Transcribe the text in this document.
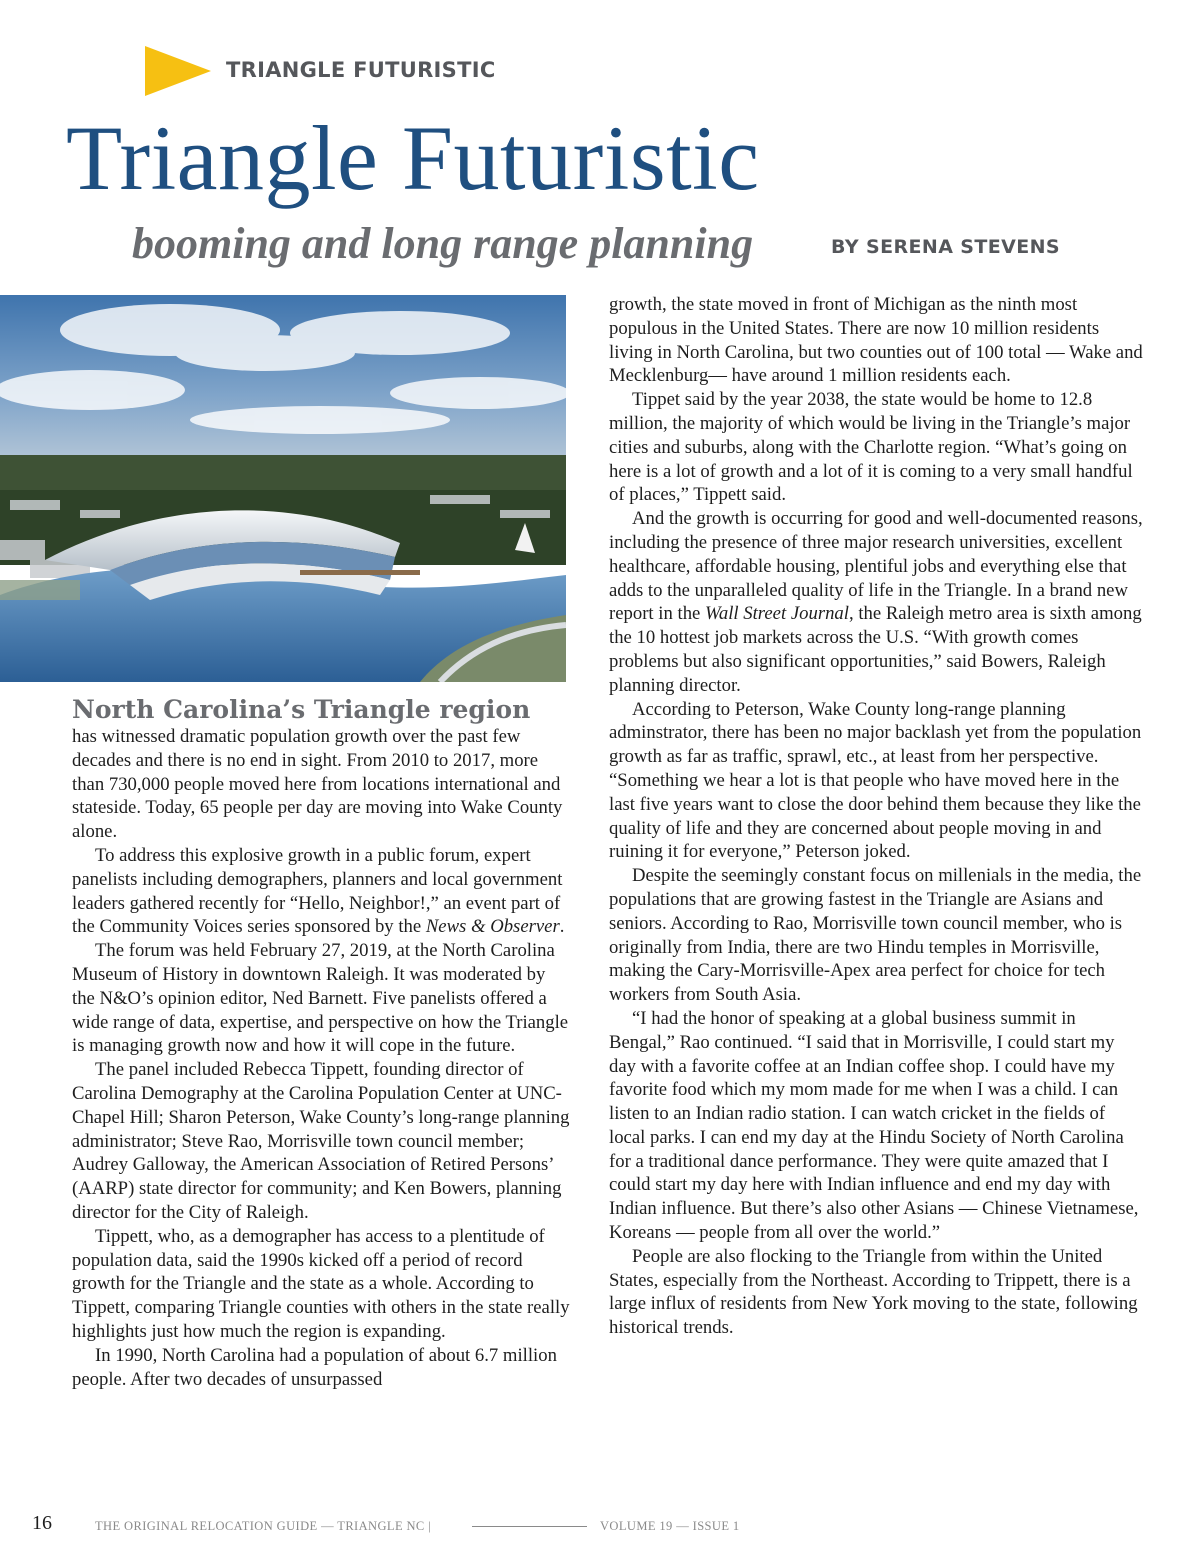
TRIANGLE FUTURISTIC
Triangle Futuristic
booming and long range planning	BY SERENA STEVENS

North Carolina’s Triangle region

has witnessed dramatic population growth over the past few decades and there is no end in sight. From 2010 to 2017, more than 730,000 people moved here from locations international and stateside. Today, 65 people per day are moving into Wake County alone.

To address this explosive growth in a public forum, expert panelists including demographers, planners and local government leaders gathered recently for “Hello, Neighbor!,” an event part of the Community Voices series sponsored by the News & Observer.

The forum was held February 27, 2019, at the North Carolina Museum of History in downtown Raleigh. It was moderated by the N&O’s opinion editor, Ned Barnett. Five panelists offered a wide range of data, expertise, and perspective on how the Triangle is managing growth now and how it will cope in the future.

The panel included Rebecca Tippett, founding director of Carolina Demography at the Carolina Population Center at UNC-Chapel Hill; Sharon Peterson, Wake County’s long-range planning administrator; Steve Rao, Morrisville town council member; Audrey Galloway, the American Association of Retired Persons’ (AARP) state director for community; and Ken Bowers, planning director for the City of Raleigh.

Tippett, who, as a demographer has access to a plentitude of population data, said the 1990s kicked off a period of record growth for the Triangle and the state as a whole. According to Tippett, comparing Triangle counties with others in the state really highlights just how much the region is expanding.

In 1990, North Carolina had a population of about 6.7 million people. After two decades of unsurpassed

growth, the state moved in front of Michigan as the ninth most populous in the United States. There are now 10 million residents living in North Carolina, but two counties out of 100 total — Wake and Mecklenburg— have around 1 million residents each.

Tippet said by the year 2038, the state would be home to 12.8 million, the majority of which would be living in the Triangle’s major cities and suburbs, along with the Charlotte region. “What’s going on here is a lot of growth and a lot of it is coming to a very small handful of places,” Tippett said.

And the growth is occurring for good and well-documented reasons, including the presence of three major research universities, excellent healthcare, affordable housing, plentiful jobs and everything else that adds to the unparalleled quality of life in the Triangle. In a brand new report in the Wall Street Journal, the Raleigh metro area is sixth among the 10 hottest job markets across the U.S. “With growth comes problems but also significant opportunities,” said Bowers, Raleigh planning director.

According to Peterson, Wake County long-range planning adminstrator, there has been no major backlash yet from the population growth as far as traffic, sprawl, etc., at least from her perspective. “Something we hear a lot is that people who have moved here in the last five years want to close the door behind them because they like the quality of life and they are concerned about people moving in and ruining it for everyone,” Peterson joked.

Despite the seemingly constant focus on millenials in the media, the populations that are growing fastest in the Triangle are Asians and seniors. According to Rao, Morrisville town council member, who is originally from India, there are two Hindu temples in Morrisville, making the Cary-Morrisville-Apex area perfect for choice for tech workers from South Asia.

“I had the honor of speaking at a global business summit in Bengal,” Rao continued. “I said that in Morrisville, I could start my day with a favorite coffee at an Indian coffee shop. I could have my favorite food which my mom made for me when I was a child. I can listen to an Indian radio station. I can watch cricket in the fields of local parks. I can end my day at the Hindu Society of North Carolina for a traditional dance performance. They were quite amazed that I could start my day here with Indian influence and end my day with Indian influence. But there’s also other Asians — Chinese Vietnamese, Koreans — people from all over the world.”

People are also flocking to the Triangle from within the United States, especially from the Northeast. According to Trippett, there is a large influx of residents from New York moving to the state, following historical trends.

16	THE ORIGINAL RELOCATION GUIDE — TRIANGLE NC |	VOLUME 19 — ISSUE 1
